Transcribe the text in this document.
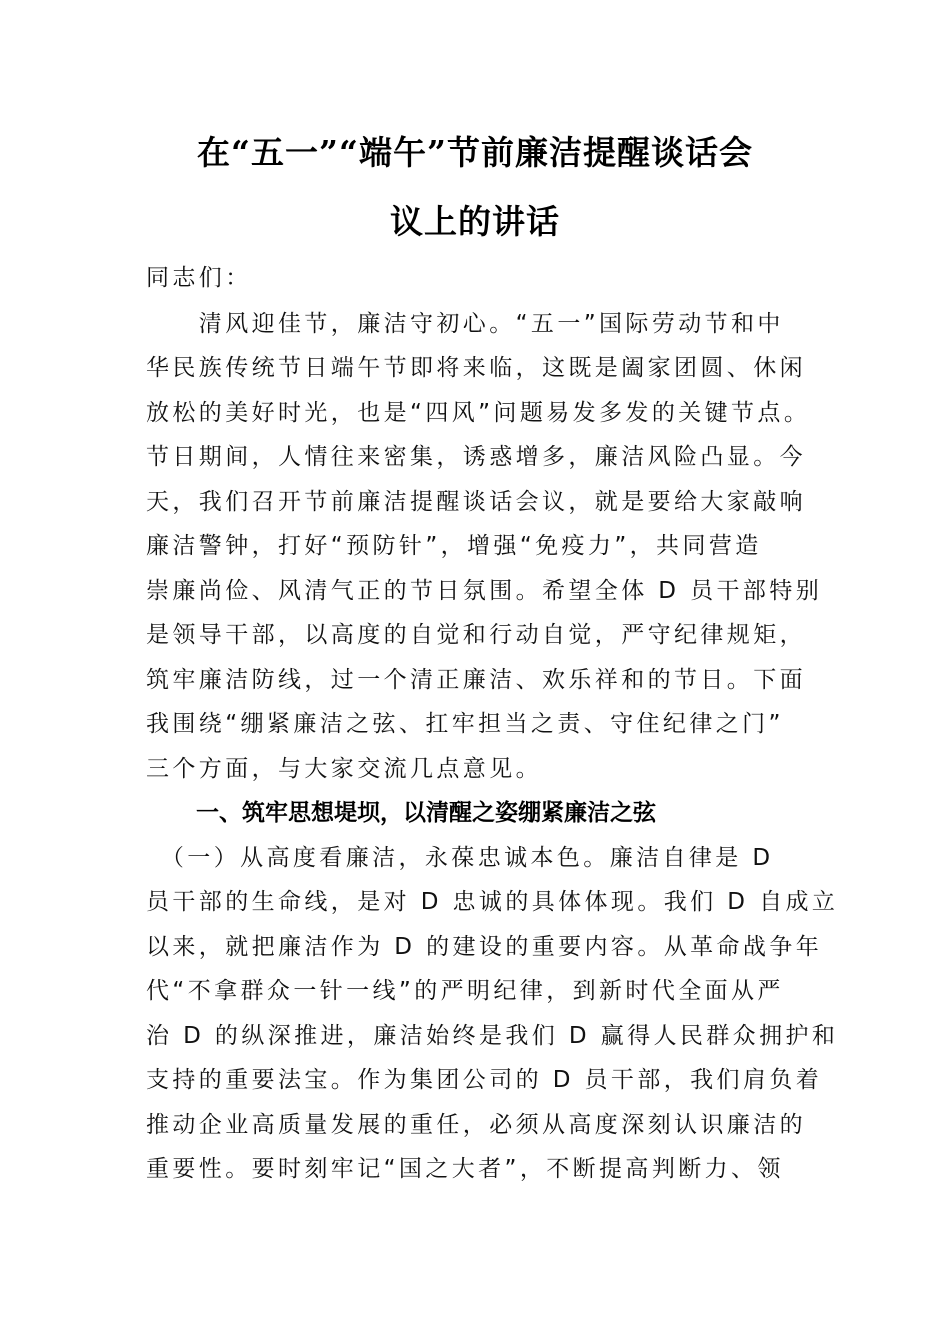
在“五一”“端午”节前廉洁提醒谈话会
议上的讲话
同志们：
　　清风迎佳节，廉洁守初心。“五一”国际劳动节和中
华民族传统节日端午节即将来临，这既是阖家团圆、休闲
放松的美好时光，也是“四风”问题易发多发的关键节点。
节日期间，人情往来密集，诱惑增多，廉洁风险凸显。今
天，我们召开节前廉洁提醒谈话会议，就是要给大家敲响
廉洁警钟，打好“预防针”，增强“免疫力”，共同营造
崇廉尚俭、风清气正的节日氛围。希望全体 D 员干部特别
是领导干部，以高度的自觉和行动自觉，严守纪律规矩，
筑牢廉洁防线，过一个清正廉洁、欢乐祥和的节日。下面
我围绕“绷紧廉洁之弦、扛牢担当之责、守住纪律之门”
三个方面，与大家交流几点意见。
一、筑牢思想堤坝，以清醒之姿绷紧廉洁之弦
　（一）从高度看廉洁，永葆忠诚本色。廉洁自律是 D
员干部的生命线，是对 D 忠诚的具体体现。我们 D 自成立
以来，就把廉洁作为 D 的建设的重要内容。从革命战争年
代“不拿群众一针一线”的严明纪律，到新时代全面从严
治 D 的纵深推进，廉洁始终是我们 D 赢得人民群众拥护和
支持的重要法宝。作为集团公司的 D 员干部，我们肩负着
推动企业高质量发展的重任，必须从高度深刻认识廉洁的
重要性。要时刻牢记“国之大者”，不断提高判断力、领
